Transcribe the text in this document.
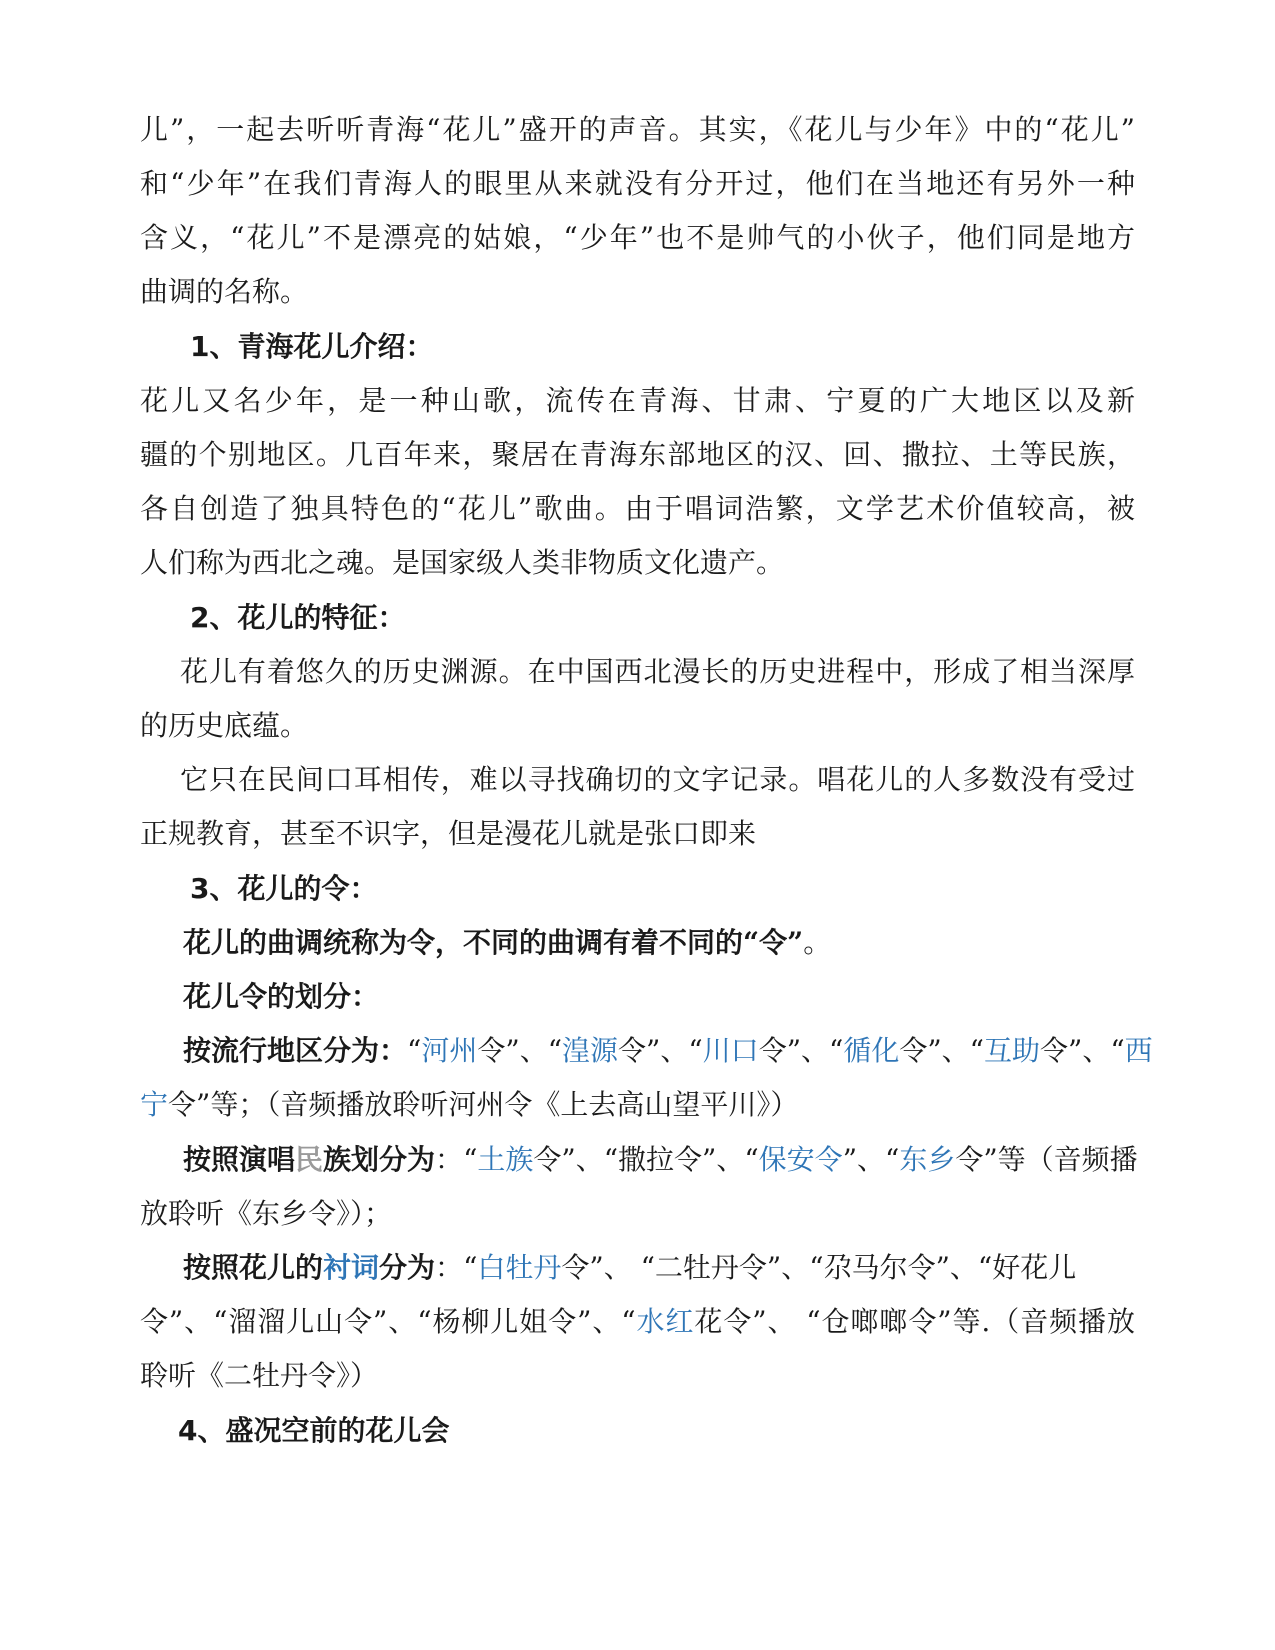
儿”，一起去听听青海“花儿”盛开的声音。其实，《花儿与少年》中的“花儿”
和“少年”在我们青海人的眼里从来就没有分开过，他们在当地还有另外一种
含义，“花儿”不是漂亮的姑娘，“少年”也不是帅气的小伙子，他们同是地方
曲调的名称。
1、青海花儿介绍：
花儿又名少年，是一种山歌，流传在青海、甘肃、宁夏的广大地区以及新
疆的个别地区。几百年来，聚居在青海东部地区的汉、回、撒拉、土等民族，
各自创造了独具特色的“花儿”歌曲。由于唱词浩繁，文学艺术价值较高，被
人们称为西北之魂。是国家级人类非物质文化遗产。
2、花儿的特征：
花儿有着悠久的历史渊源。在中国西北漫长的历史进程中，形成了相当深厚
的历史底蕴。
它只在民间口耳相传，难以寻找确切的文字记录。唱花儿的人多数没有受过
正规教育，甚至不识字，但是漫花儿就是张口即来
3、花儿的令：
花儿的曲调统称为令，不同的曲调有着不同的“令”。
花儿令的划分：
按流行地区分为：“河州令”、“湟源令”、“川口令”、“循化令”、“互助令”、“西
宁令”等；（音频播放聆听河州令《上去高山望平川》）
按照演唱民族划分为：“土族令”、“撒拉令”、“保安令”、“东乡令”等（音频播
放聆听《东乡令》）；
按照花儿的衬词分为：“白牡丹令”、 “二牡丹令”、“尕马尔令”、“好花儿
令”、“溜溜儿山令”、“杨柳儿姐令”、“水红花令”、 “仓啷啷令”等.（音频播放
聆听《二牡丹令》）
4、盛况空前的花儿会
